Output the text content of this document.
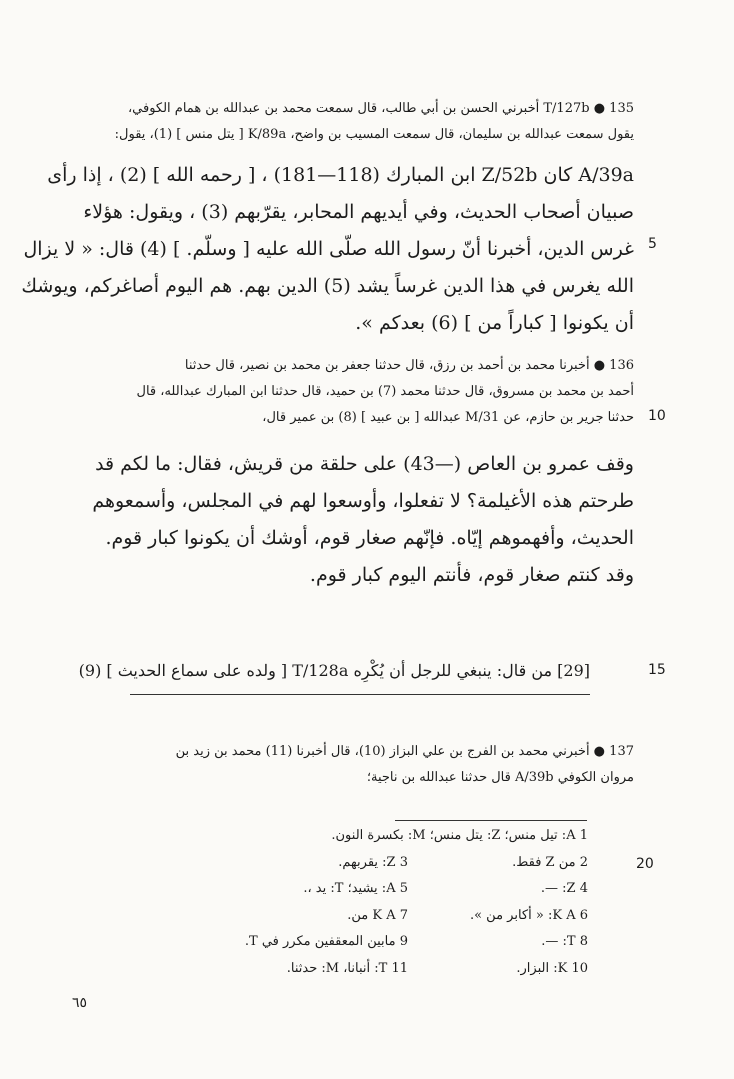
135 ● T/127b أخبرني الحسن بن أبي طالب، قال سمعت محمد بن عبدالله بن همام الكوفي،
يقول سمعت عبدالله بن سليمان، قال سمعت المسيب بن واضح، K/89a [ يتل منس ] (1)، يقول:
A/39a كان Z/52b ابن المبارك (118—181) ، [ رحمه الله ] (2) ، إذا رأى
صبيان أصحاب الحديث، وفي أيديهم المحابر، يقرّبهم (3) ، ويقول: هؤلاء
غرس الدين، أخبرنا أنّ رسول الله صلّى الله عليه [ وسلّم. ] (4) قال: « لا يزال
الله يغرس في هذا الدين غرساً يشد (5) الدين بهم. هم اليوم أصاغركم، ويوشك
أن يكونوا [ كباراً من ] (6) بعدكم ».
5
136 ● أخبرنا محمد بن أحمد بن رزق، قال حدثنا جعفر بن محمد بن نصير، قال حدثنا
أحمد بن محمد بن مسروق، قال حدثنا محمد (7) بن حميد، قال حدثنا ابن المبارك عبدالله، قال
حدثنا جرير بن حازم، عن M/31 عبدالله [ بن عبيد ] (8) بن عمير قال، 10
وقف عمرو بن العاص (—43) على حلقة من قريش، فقال: ما لكم قد
طرحتم هذه الأغيلمة؟ لا تفعلوا، وأوسعوا لهم في المجلس، وأسمعوهم
الحديث، وأفهموهم إيّاه. فإنّهم صغار قوم، أوشك أن يكونوا كبار قوم.
وقد كنتم صغار قوم، فأنتم اليوم كبار قوم.
[29] من قال: ينبغي للرجل أن يُكْرِه T/128a [ ولده على سماع الحديث ] (9)	15
137 ● أخبرني محمد بن الفرج بن علي البزاز (10)، قال أخبرنا (11) محمد بن زيد بن
مروان الكوفي A/39b قال حدثنا عبدالله بن ناجية؛
20
1 A: تيل منس؛ Z: يتل منس؛ M: بكسرة النون.
2 من Z فقط.
3 Z: يقربهم.
4 Z: —.
5 A: يشيد؛ T: يد ،.
6 K A: « أكابر من ».
7 K A من.
8 T: —.
9 مابين المعقفين مكرر في T.
10 K: البزار.
11 T: أنبانا، M: حدثنا.
٦٥
